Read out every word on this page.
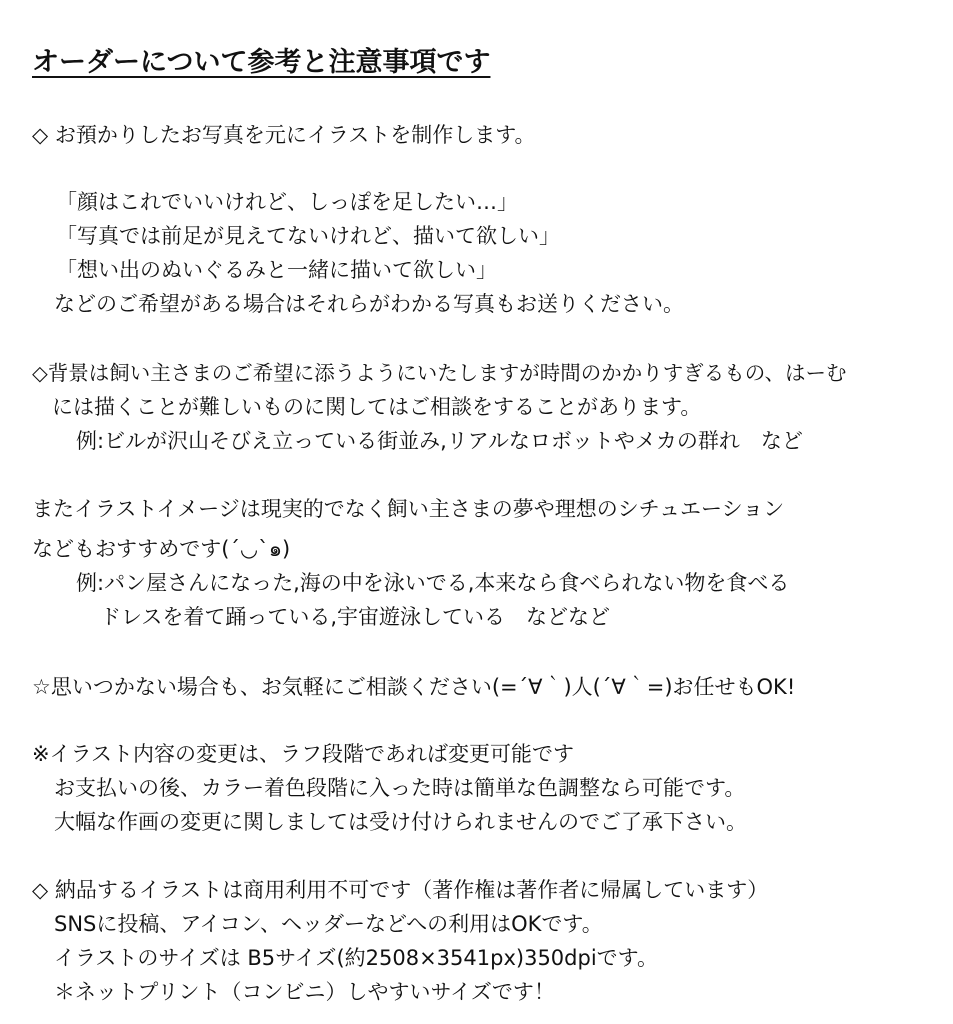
オーダーについて参考と注意事項です
◇ お預かりしたお写真を元にイラストを制作します。
「顔はこれでいいけれど、しっぽを足したい…」
「写真では前足が見えてないけれど、描いて欲しい」
「想い出のぬいぐるみと一緒に描いて欲しい」
などのご希望がある場合はそれらがわかる写真もお送りください。
◇背景は飼い主さまのご希望に添うようにいたしますが時間のかかりすぎるもの、はーむ
には描くことが難しいものに関してはご相談をすることがあります。
例:ビルが沢山そびえ立っている街並み,リアルなロボットやメカの群れ　など
またイラストイメージは現実的でなく飼い主さまの夢や理想のシチュエーション
などもおすすめです(´◡`๑)
例:パン屋さんになった,海の中を泳いでる,本来なら食べられない物を食べる
ドレスを着て踊っている,宇宙遊泳している　などなど
☆思いつかない場合も、お気軽にご相談ください(=´∀｀)人(´∀｀=)お任せもOK!
※イラスト内容の変更は、ラフ段階であれば変更可能です
お支払いの後、カラー着色段階に入った時は簡単な色調整なら可能です。
大幅な作画の変更に関しましては受け付けられませんのでご了承下さい。
◇ 納品するイラストは商用利用不可です（著作権は著作者に帰属しています）
SNSに投稿、アイコン、ヘッダーなどへの利用はOKです。
イラストのサイズは B5サイズ(約2508×3541px)350dpiです。
＊ネットプリント（コンビニ）しやすいサイズです！
